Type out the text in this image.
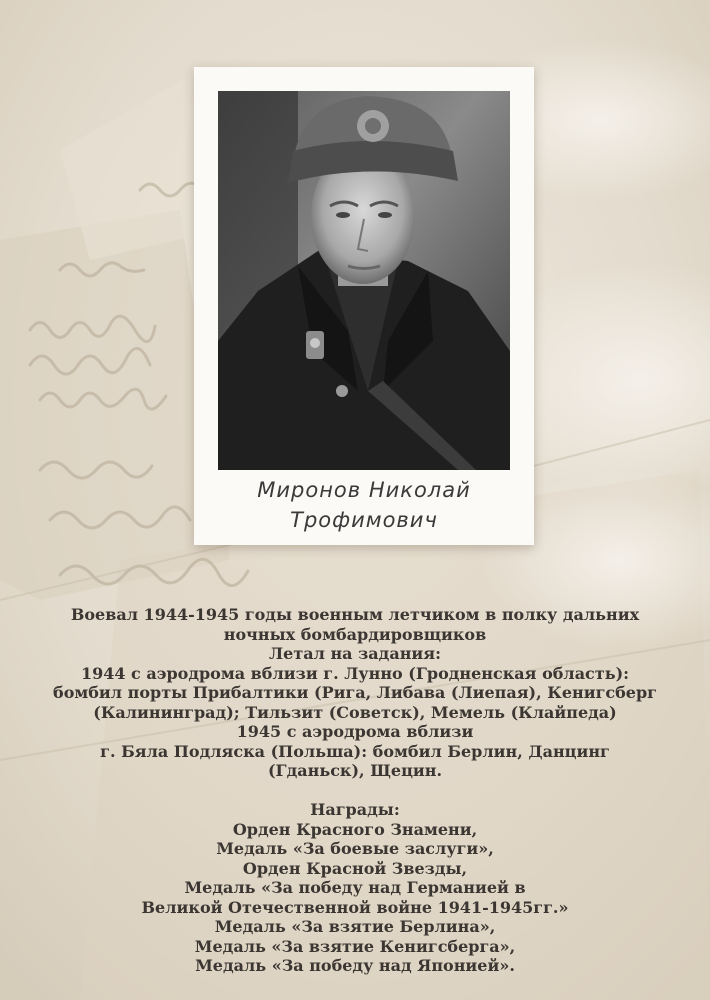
Миронов Николай
Трофимович
Воевал 1944-1945 годы военным летчиком в полку дальних
ночных бомбардировщиков
Летал на задания:
1944 с аэродрома вблизи г. Лунно (Гродненская область):
бомбил порты Прибалтики (Рига, Либава (Лиепая), Кенигсберг
(Калининград); Тильзит (Советск), Мемель (Клайпеда)
1945 с аэродрома вблизи
г. Бяла Подляска (Польша): бомбил Берлин, Данцинг
(Гданьск), Щецин.
Награды:
Орден Красного Знамени,
Медаль «За боевые заслуги»,
Орден Красной Звезды,
Медаль «За победу над Германией в
Великой Отечественной войне 1941-1945гг.»
Медаль «За взятие Берлина»,
Медаль «За взятие Кенигсберга»,
Медаль «За победу над Японией».
